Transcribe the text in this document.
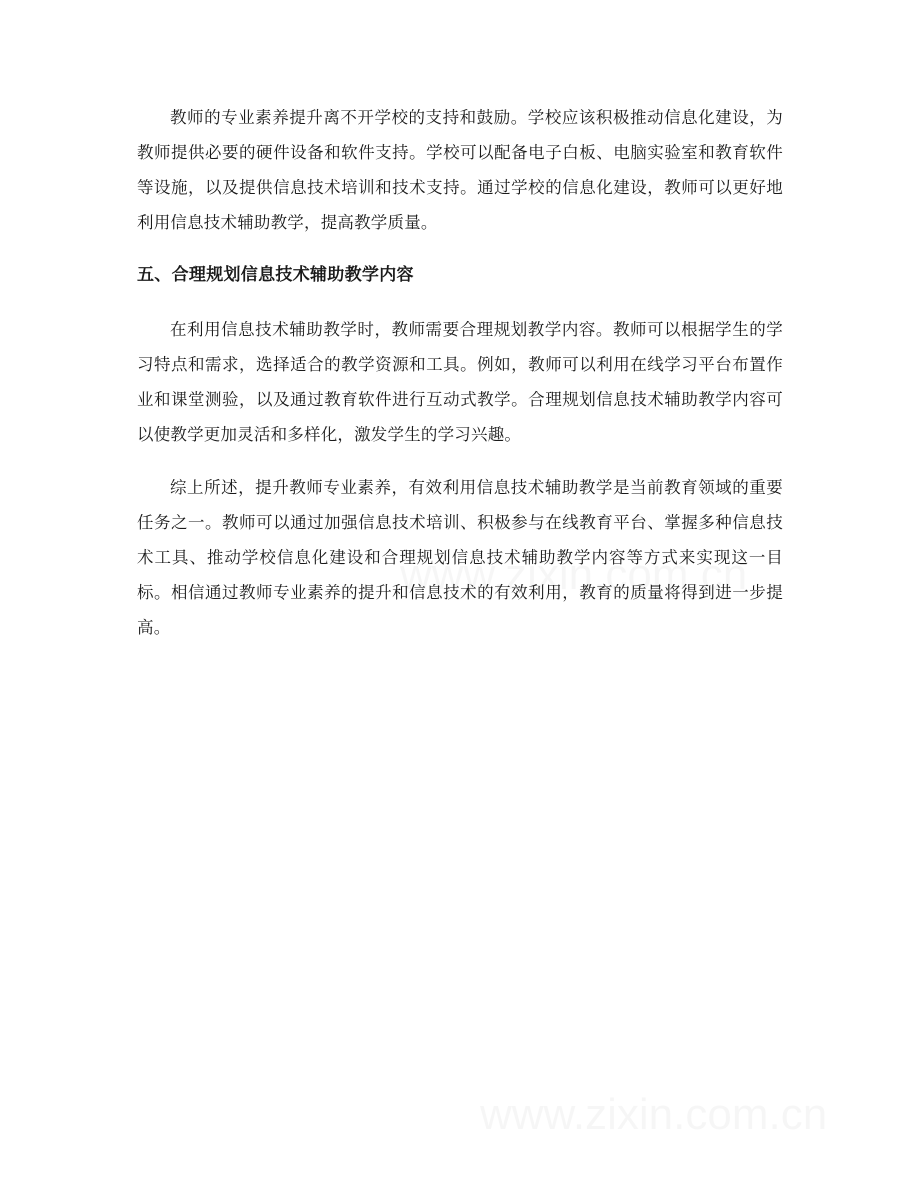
教师的专业素养提升离不开学校的支持和鼓励。学校应该积极推动信息化建设，为教师提供必要的硬件设备和软件支持。学校可以配备电子白板、电脑实验室和教育软件等设施，以及提供信息技术培训和技术支持。通过学校的信息化建设，教师可以更好地利用信息技术辅助教学，提高教学质量。

五、合理规划信息技术辅助教学内容

在利用信息技术辅助教学时，教师需要合理规划教学内容。教师可以根据学生的学习特点和需求，选择适合的教学资源和工具。例如，教师可以利用在线学习平台布置作业和课堂测验，以及通过教育软件进行互动式教学。合理规划信息技术辅助教学内容可以使教学更加灵活和多样化，激发学生的学习兴趣。

综上所述，提升教师专业素养，有效利用信息技术辅助教学是当前教育领域的重要任务之一。教师可以通过加强信息技术培训、积极参与在线教育平台、掌握多种信息技术工具、推动学校信息化建设和合理规划信息技术辅助教学内容等方式来实现这一目标。相信通过教师专业素养的提升和信息技术的有效利用，教育的质量将得到进一步提高。
